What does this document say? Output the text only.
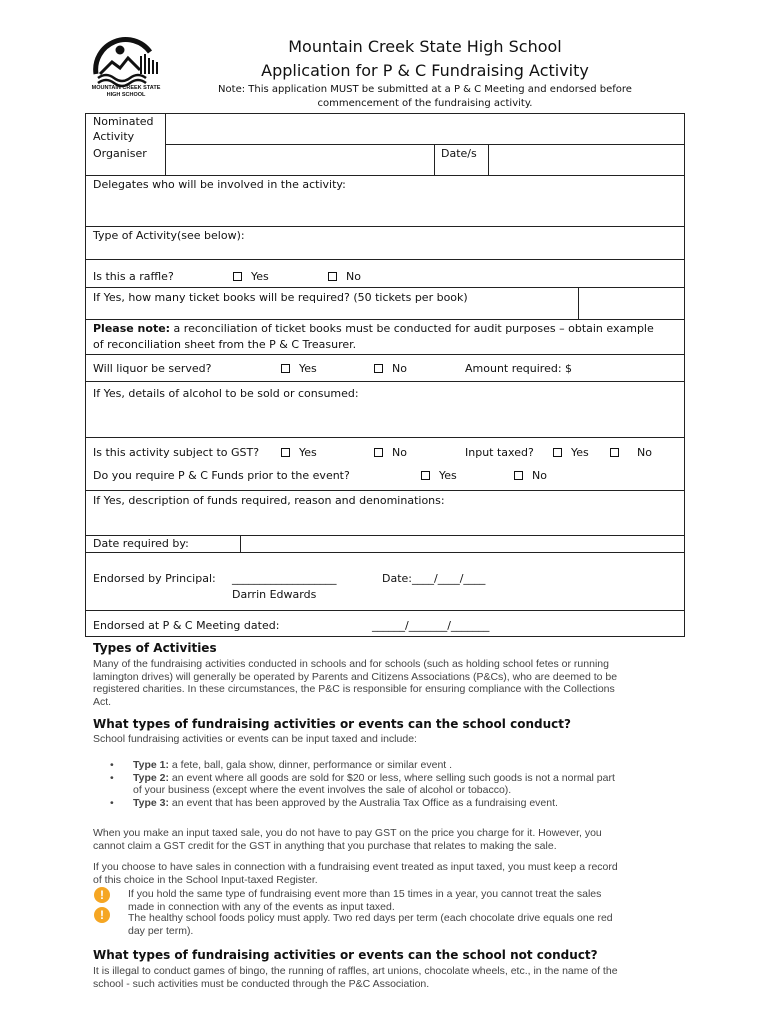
MOUNTAIN CREEK STATE HIGH SCHOOL
Mountain Creek State High School
Application for P & C Fundraising Activity
Note: This application MUST be submitted at a P & C Meeting and endorsed before
commencement of the fundraising activity.
Nominated
Activity
Organiser	Date/s
Delegates who will be involved in the activity:
Type of Activity(see below):
Is this a raffle?	Yes	No
If Yes, how many ticket books will be required? (50 tickets per book)
Please note: a reconciliation of ticket books must be conducted for audit purposes – obtain example
of reconciliation sheet from the P & C Treasurer.
Will liquor be served?	Yes	No	Amount required: $
If Yes, details of alcohol to be sold or consumed:
Is this activity subject to GST?	Yes	No	Input taxed?	Yes	No
Do you require P & C Funds prior to the event?	Yes	No
If Yes, description of funds required, reason and denominations:
Date required by:
Endorsed by Principal: ___________________	Date:____/____/____
Darrin Edwards
Endorsed at P & C Meeting dated:	______/_______/_______
Types of Activities
Many of the fundraising activities conducted in schools and for schools (such as holding school fetes or running
lamington drives) will generally be operated by Parents and Citizens Associations (P&Cs), who are deemed to be
registered charities. In these circumstances, the P&C is responsible for ensuring compliance with the Collections
Act.
What types of fundraising activities or events can the school conduct?
School fundraising activities or events can be input taxed and include:
• Type 1: a fete, ball, gala show, dinner, performance or similar event .
• Type 2: an event where all goods are sold for $20 or less, where selling such goods is not a normal part
of your business (except where the event involves the sale of alcohol or tobacco).
• Type 3: an event that has been approved by the Australia Tax Office as a fundraising event.
When you make an input taxed sale, you do not have to pay GST on the price you charge for it. However, you
cannot claim a GST credit for the GST in anything that you purchase that relates to making the sale.
If you choose to have sales in connection with a fundraising event treated as input taxed, you must keep a record
of this choice in the School Input-taxed Register.
!
!
If you hold the same type of fundraising event more than 15 times in a year, you cannot treat the sales
made in connection with any of the events as input taxed.
The healthy school foods policy must apply. Two red days per term (each chocolate drive equals one red
day per term).
What types of fundraising activities or events can the school not conduct?
It is illegal to conduct games of bingo, the running of raffles, art unions, chocolate wheels, etc., in the name of the
school - such activities must be conducted through the P&C Association.
